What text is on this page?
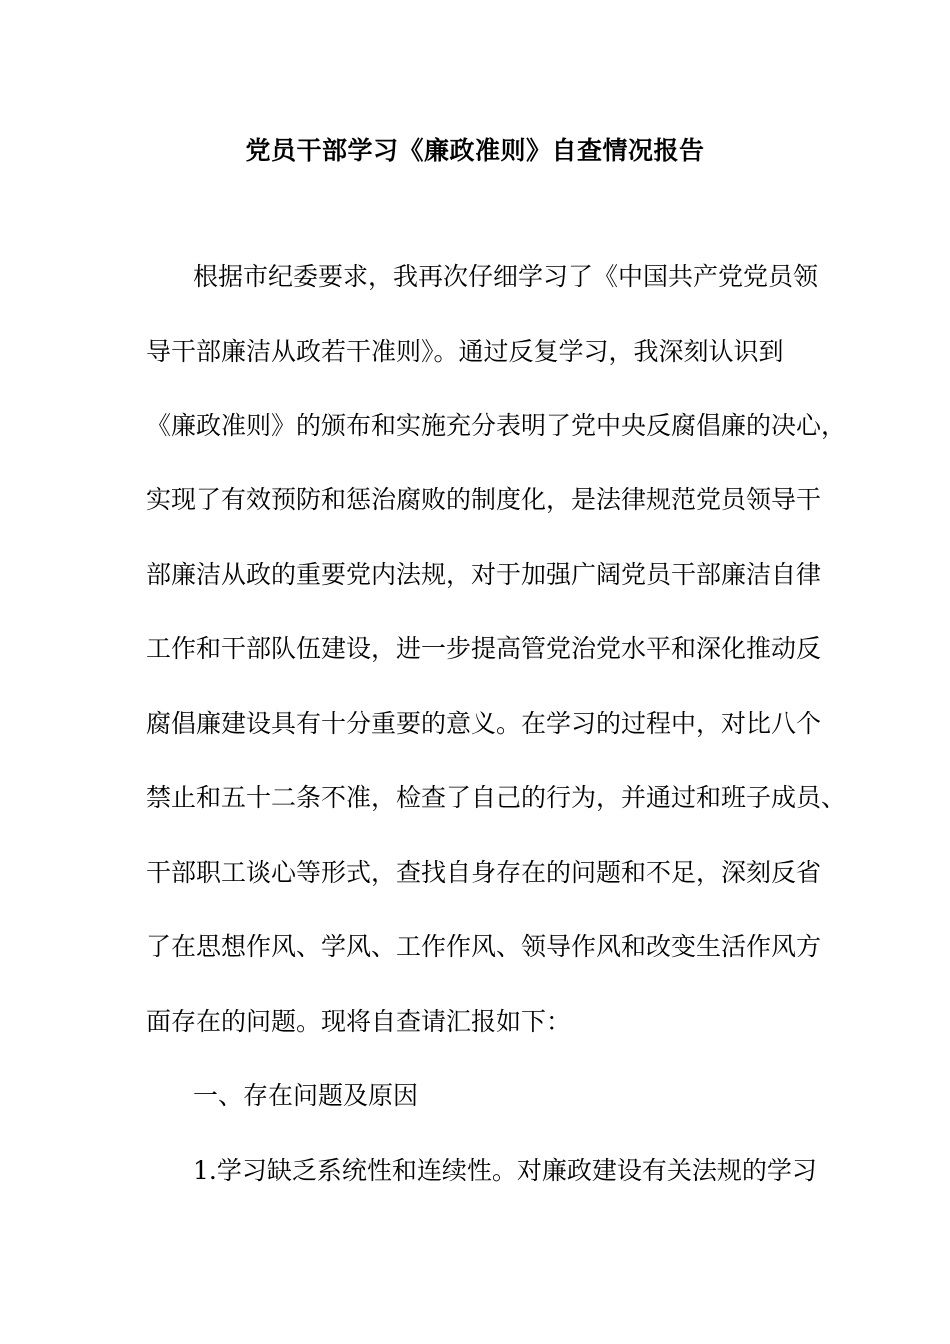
党员干部学习《廉政准则》自查情况报告
根据市纪委要求，我再次仔细学习了《中国共产党党员领
导干部廉洁从政若干准则》。通过反复学习，我深刻认识到
《廉政准则》的颁布和实施充分表明了党中央反腐倡廉的决心，
实现了有效预防和惩治腐败的制度化，是法律规范党员领导干
部廉洁从政的重要党内法规，对于加强广阔党员干部廉洁自律
工作和干部队伍建设，进一步提高管党治党水平和深化推动反
腐倡廉建设具有十分重要的意义。在学习的过程中，对比八个
禁止和五十二条不准，检查了自己的行为，并通过和班子成员、
干部职工谈心等形式，查找自身存在的问题和不足，深刻反省
了在思想作风、学风、工作作风、领导作风和改变生活作风方
面存在的问题。现将自查请汇报如下：
一、存在问题及原因
1.学习缺乏系统性和连续性。对廉政建设有关法规的学习
